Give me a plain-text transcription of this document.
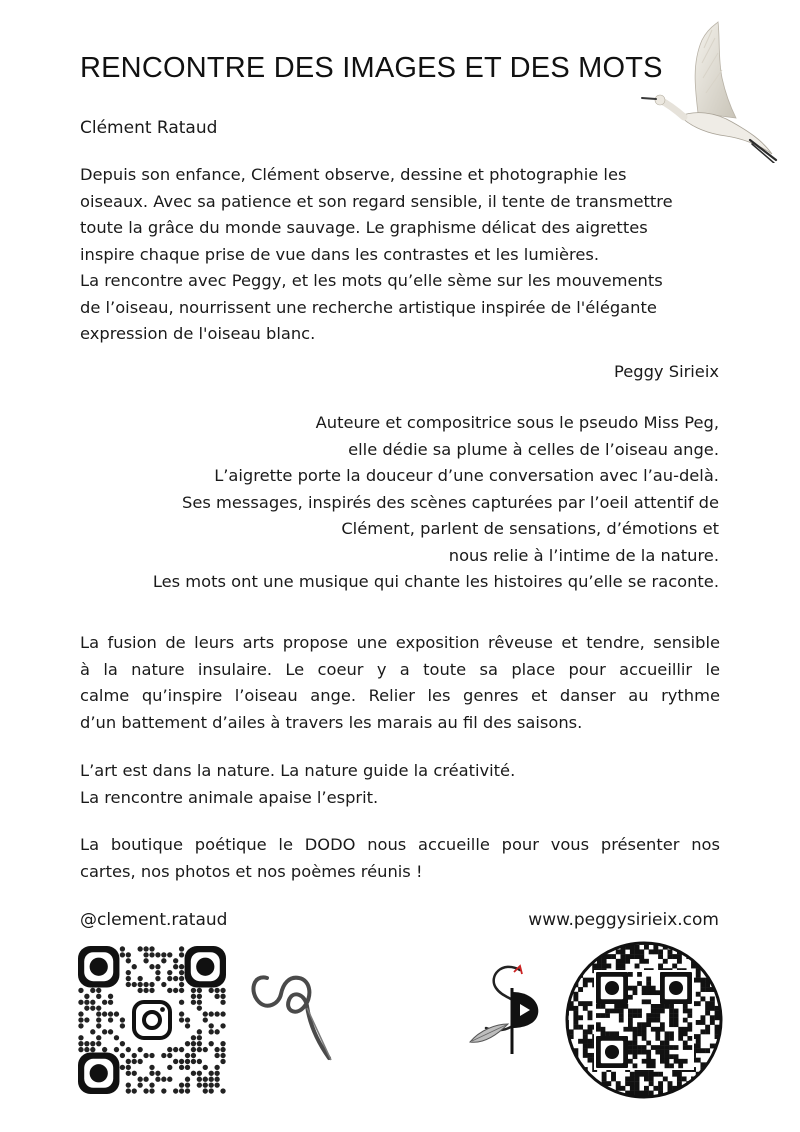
RENCONTRE DES IMAGES ET DES MOTS
Clément Rataud
Depuis son enfance, Clément observe, dessine et photographie les
oiseaux. Avec sa patience et son regard sensible, il tente de transmettre
toute la grâce du monde sauvage. Le graphisme délicat des aigrettes
inspire chaque prise de vue dans les contrastes et les lumières.
La rencontre avec Peggy, et les mots qu’elle sème sur les mouvements
de l’oiseau, nourrissent une recherche artistique inspirée de l'élégante
expression de l'oiseau blanc.
Peggy Sirieix
Auteure et compositrice sous le pseudo Miss Peg,
elle dédie sa plume à celles de l’oiseau ange.
L’aigrette porte la douceur d’une conversation avec l’au-delà.
Ses messages, inspirés des scènes capturées par l’oeil attentif de
Clément, parlent de sensations, d’émotions et
nous relie à l’intime de la nature.
Les mots ont une musique qui chante les histoires qu’elle se raconte.
La fusion de leurs arts propose une exposition rêveuse et tendre, sensible
à la nature insulaire. Le coeur y a toute sa place pour accueillir le
calme qu’inspire l’oiseau ange. Relier les genres et danser au rythme
d’un battement d’ailes à travers les marais au fil des saisons.
L’art est dans la nature. La nature guide la créativité.
La rencontre animale apaise l’esprit.
La boutique poétique le DODO nous accueille pour vous présenter nos
cartes, nos photos et nos poèmes réunis !
@clement.rataud	www.peggysirieix.com
